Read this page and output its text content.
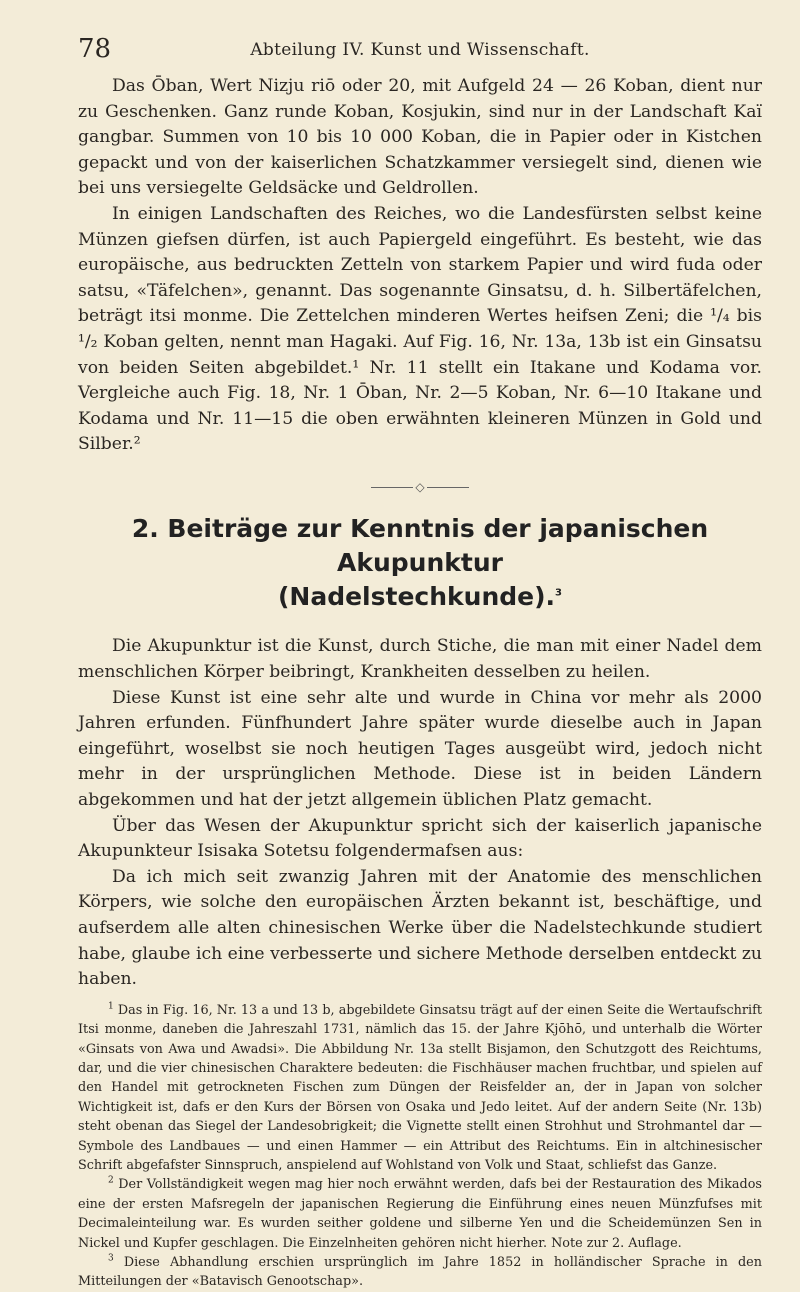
78	Abteilung IV. Kunst und Wissenschaft.

Das Ōban, Wert Nizju riō oder 20, mit Aufgeld 24 — 26 Koban, dient nur zu Geschenken. Ganz runde Koban, Kosjukin, sind nur in der Landschaft Kaï gangbar. Summen von 10 bis 10 000 Koban, die in Papier oder in Kistchen gepackt und von der kaiserlichen Schatzkammer versiegelt sind, dienen wie bei uns versiegelte Geldsäcke und Geldrollen.

In einigen Landschaften des Reiches, wo die Landesfürsten selbst keine Münzen giefsen dürfen, ist auch Papiergeld eingeführt. Es besteht, wie das europäische, aus bedruckten Zetteln von starkem Papier und wird fuda oder satsu, «Täfelchen», genannt. Das sogenannte Ginsatsu, d. h. Silbertäfelchen, beträgt itsi monme. Die Zettelchen minderen Wertes heifsen Zeni; die ¹/₄ bis ¹/₂ Koban gelten, nennt man Hagaki. Auf Fig. 16, Nr. 13a, 13b ist ein Ginsatsu von beiden Seiten abgebildet.¹ Nr. 11 stellt ein Itakane und Kodama vor. Vergleiche auch Fig. 18, Nr. 1 Ōban, Nr. 2—5 Koban, Nr. 6—10 Itakane und Kodama und Nr. 11—15 die oben erwähnten kleineren Münzen in Gold und Silber.²

◇
2. Beiträge zur Kenntnis der japanischen Akupunktur
(Nadelstechkunde).$^3$

Die Akupunktur ist die Kunst, durch Stiche, die man mit einer Nadel dem menschlichen Körper beibringt, Krankheiten desselben zu heilen.

Diese Kunst ist eine sehr alte und wurde in China vor mehr als 2000 Jahren erfunden. Fünfhundert Jahre später wurde dieselbe auch in Japan eingeführt, woselbst sie noch heutigen Tages ausgeübt wird, jedoch nicht mehr in der ursprünglichen Methode. Diese ist in beiden Ländern abgekommen und hat der jetzt allgemein üblichen Platz gemacht.

Über das Wesen der Akupunktur spricht sich der kaiserlich japanische Akupunkteur Isisaka Sotetsu folgendermafsen aus:

Da ich mich seit zwanzig Jahren mit der Anatomie des menschlichen Körpers, wie solche den europäischen Ärzten bekannt ist, beschäftige, und aufserdem alle alten chinesischen Werke über die Nadelstechkunde studiert habe, glaube ich eine verbesserte und sichere Methode derselben entdeckt zu haben.

$^1$ Das in Fig. 16, Nr. 13 a und 13 b, abgebildete Ginsatsu trägt auf der einen Seite die Wertaufschrift Itsi monme, daneben die Jahreszahl 1731, nämlich das 15. der Jahre Kjōhō, und unterhalb die Wörter «Ginsats von Awa und Awadsi». Die Abbildung Nr. 13a stellt Bisjamon, den Schutzgott des Reichtums, dar, und die vier chinesischen Charaktere bedeuten: die Fischhäuser machen fruchtbar, und spielen auf den Handel mit getrockneten Fischen zum Düngen der Reisfelder an, der in Japan von solcher Wichtigkeit ist, dafs er den Kurs der Börsen von Osaka und Jedo leitet. Auf der andern Seite (Nr. 13b) steht obenan das Siegel der Landesobrigkeit; die Vignette stellt einen Strohhut und Strohmantel dar — Symbole des Landbaues — und einen Hammer — ein Attribut des Reichtums. Ein in altchinesischer Schrift abgefafster Sinnspruch, anspielend auf Wohlstand von Volk und Staat, schliefst das Ganze.

$^2$ Der Vollständigkeit wegen mag hier noch erwähnt werden, dafs bei der Restauration des Mikados eine der ersten Mafsregeln der japanischen Regierung die Einführung eines neuen Münzfufses mit Decimaleinteilung war. Es wurden seither goldene und silberne Yen und die Scheidemünzen Sen in Nickel und Kupfer geschlagen. Die Einzelnheiten gehören nicht hierher. Note zur 2. Auflage.

$^3$ Diese Abhandlung erschien ursprünglich im Jahre 1852 in holländischer Sprache in den Mitteilungen der «Batavisch Genootschap».
